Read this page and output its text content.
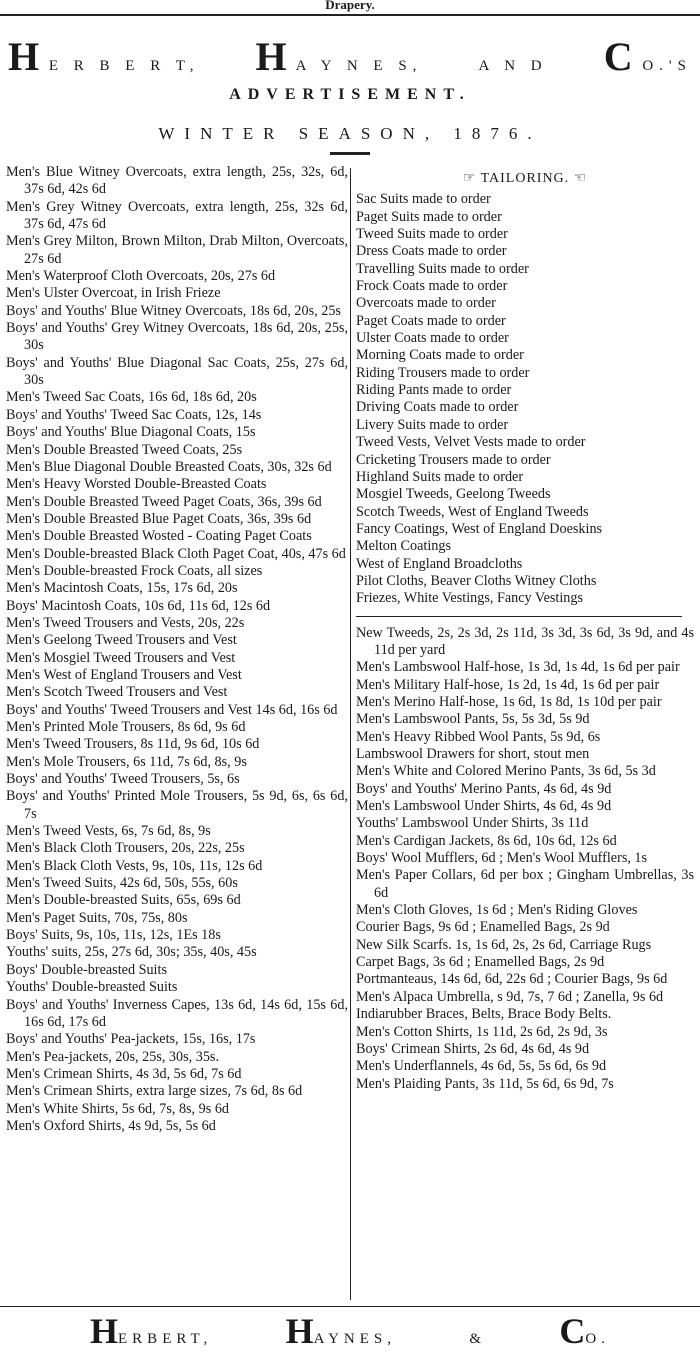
Drapery.
H E R B E R T, H A Y N E S,	A N D C O.'S
ADVERTISEMENT.
WINTER SEASON, 1876.
Men's Blue Witney Overcoats, extra length, 25s, 32s, 6d, 37s 6d, 42s 6d
Men's Grey Witney Overcoats, extra length, 25s, 32s 6d, 37s 6d, 47s 6d
Men's Grey Milton, Brown Milton, Drab Milton, Overcoats, 27s 6d
Men's Waterproof Cloth Overcoats, 20s, 27s 6d
Men's Ulster Overcoat, in Irish Frieze
Boys' and Youths' Blue Witney Overcoats, 18s 6d, 20s, 25s
Boys' and Youths' Grey Witney Overcoats, 18s 6d, 20s, 25s, 30s
Boys' and Youths' Blue Diagonal Sac Coats, 25s, 27s 6d, 30s
Men's Tweed Sac Coats, 16s 6d, 18s 6d, 20s
Boys' and Youths' Tweed Sac Coats, 12s, 14s
Boys' and Youths' Blue Diagonal Coats, 15s
Men's Double Breasted Tweed Coats, 25s
Men's Blue Diagonal Double Breasted Coats, 30s, 32s 6d
Men's Heavy Worsted Double-Breasted Coats
Men's Double Breasted Tweed Paget Coats, 36s, 39s 6d
Men's Double Breasted Blue Paget Coats, 36s, 39s 6d
Men's Double Breasted Wosted - Coating Paget Coats
Men's Double-breasted Black Cloth Paget Coat, 40s, 47s 6d
Men's Double-breasted Frock Coats, all sizes
Men's Macintosh Coats, 15s, 17s 6d, 20s
Boys' Macintosh Coats, 10s 6d, 11s 6d, 12s 6d
Men's Tweed Trousers and Vests, 20s, 22s
Men's Geelong Tweed Trousers and Vest
Men's Mosgiel Tweed Trousers and Vest
Men's West of England Trousers and Vest
Men's Scotch Tweed Trousers and Vest
Boys' and Youths' Tweed Trousers and Vest 14s 6d, 16s 6d
Men's Printed Mole Trousers, 8s 6d, 9s 6d
Men's Tweed Trousers, 8s 11d, 9s 6d, 10s 6d
Men's Mole Trousers, 6s 11d, 7s 6d, 8s, 9s
Boys' and Youths' Tweed Trousers, 5s, 6s
Boys' and Youths' Printed Mole Trousers, 5s 9d, 6s, 6s 6d, 7s
Men's Tweed Vests, 6s, 7s 6d, 8s, 9s
Men's Black Cloth Trousers, 20s, 22s, 25s
Men's Black Cloth Vests, 9s, 10s, 11s, 12s 6d
Men's Tweed Suits, 42s 6d, 50s, 55s, 60s
Men's Double-breasted Suits, 65s, 69s 6d
Men's Paget Suits, 70s, 75s, 80s
Boys' Suits, 9s, 10s, 11s, 12s, 1Es 18s
Youths' suits, 25s, 27s 6d, 30s; 35s, 40s, 45s
Boys' Double-breasted Suits
Youths' Double-breasted Suits
Boys' and Youths' Inverness Capes, 13s 6d, 14s 6d, 15s 6d, 16s 6d, 17s 6d
Boys' and Youths' Pea-jackets, 15s, 16s, 17s
Men's Pea-jackets, 20s, 25s, 30s, 35s.
Men's Crimean Shirts, 4s 3d, 5s 6d, 7s 6d
Men's Crimean Shirts, extra large sizes, 7s 6d, 8s 6d
Men's White Shirts, 5s 6d, 7s, 8s, 9s 6d
Men's Oxford Shirts, 4s 9d, 5s, 5s 6d
☞ TAILORING. ☜
Sac Suits made to order
Paget Suits made to order
Tweed Suits made to order
Dress Coats made to order
Travelling Suits made to order
Frock Coats made to order
Overcoats made to order
Paget Coats made to order
Ulster Coats made to order
Morning Coats made to order
Riding Trousers made to order
Riding Pants made to order
Driving Coats made to order
Livery Suits made to order
Tweed Vests, Velvet Vests made to order
Cricketing Trousers made to order
Highland Suits made to order
Mosgiel Tweeds, Geelong Tweeds
Scotch Tweeds, West of England Tweeds
Fancy Coatings, West of England Doeskins
Melton Coatings
West of England Broadcloths
Pilot Cloths, Beaver Cloths Witney Cloths
Friezes, White Vestings, Fancy Vestings
New Tweeds, 2s, 2s 3d, 2s 11d, 3s 3d, 3s 6d, 3s 9d, and 4s 11d per yard
Men's Lambswool Half-hose, 1s 3d, 1s 4d, 1s 6d per pair
Men's Military Half-hose, 1s 2d, 1s 4d, 1s 6d per pair
Men's Merino Half-hose, 1s 6d, 1s 8d, 1s 10d per pair
Men's Lambswool Pants, 5s, 5s 3d, 5s 9d
Men's Heavy Ribbed Wool Pants, 5s 9d, 6s
Lambswool Drawers for short, stout men
Men's White and Colored Merino Pants, 3s 6d, 5s 3d
Boys' and Youths' Merino Pants, 4s 6d, 4s 9d
Men's Lambswool Under Shirts, 4s 6d, 4s 9d
Youths' Lambswool Under Shirts, 3s 11d
Men's Cardigan Jackets, 8s 6d, 10s 6d, 12s 6d
Boys' Wool Mufflers, 6d ; Men's Wool Mufflers, 1s
Men's Paper Collars, 6d per box ; Gingham Umbrellas, 3s 6d
Men's Cloth Gloves, 1s 6d ; Men's Riding Gloves
Courier Bags, 9s 6d ; Enamelled Bags, 2s 9d
New Silk Scarfs. 1s, 1s 6d, 2s, 2s 6d, Carriage Rugs
Carpet Bags, 3s 6d ; Enamelled Bags, 2s 9d
Portmanteaus, 14s 6d, 6d, 22s 6d ; Courier Bags, 9s 6d
Men's Alpaca Umbrella, s 9d, 7s, 7 6d ; Zanella, 9s 6d
Indiarubber Braces, Belts, Brace Body Belts.
Men's Cotton Shirts, 1s 11d, 2s 6d, 2s 9d, 3s
Boys' Crimean Shirts, 2s 6d, 4s 6d, 4s 9d
Men's Underflannels, 4s 6d, 5s, 5s 6d, 6s 9d
Men's Plaiding Pants, 3s 11d, 5s 6d, 6s 9d, 7s
HERBERT, HAYNES,	& CO.
